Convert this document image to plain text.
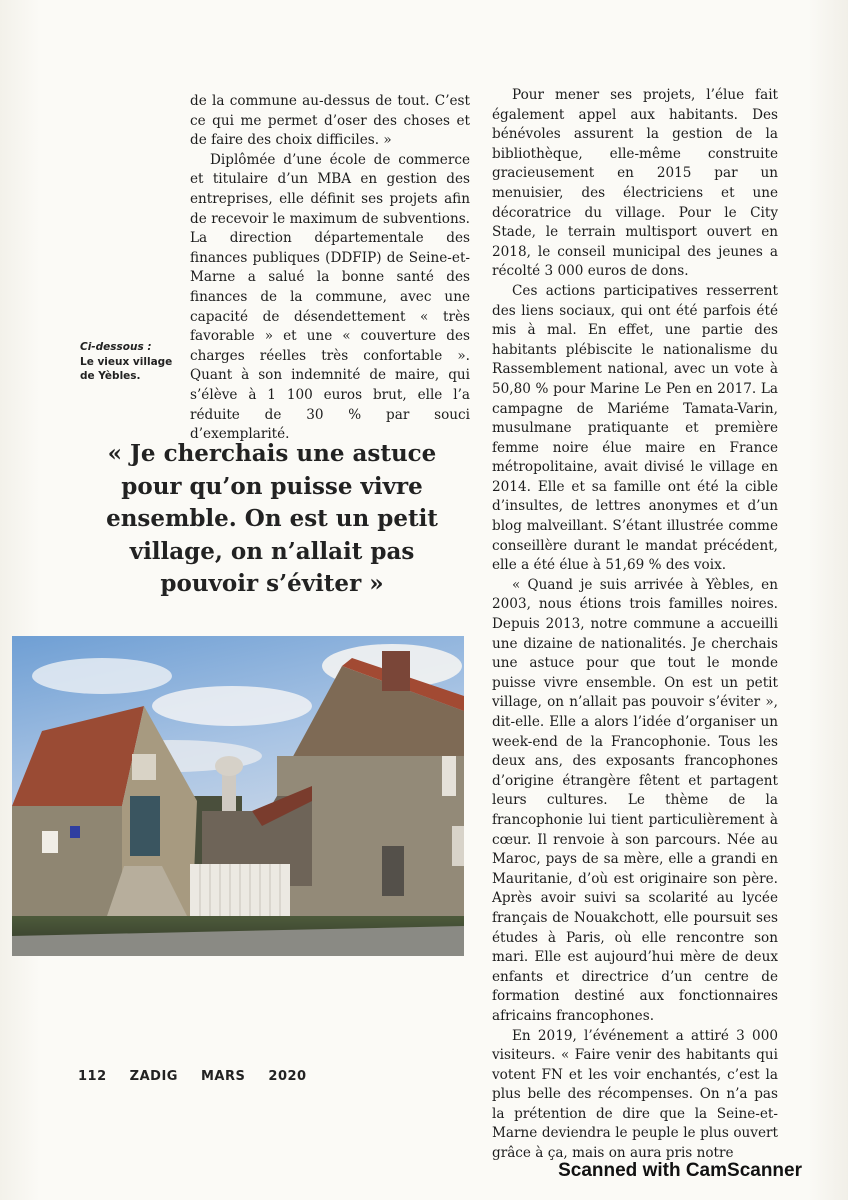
de la commune au-dessus de tout. C’est ce qui me permet d’oser des choses et de faire des choix difficiles. »

Diplômée d’une école de commerce et titulaire d’un MBA en gestion des entreprises, elle définit ses projets afin de recevoir le maximum de subventions. La direction départementale des finances publiques (DDFIP) de Seine-et-Marne a salué la bonne santé des finances de la commune, avec une capacité de désendettement « très favorable » et une « couverture des charges réelles très confortable ». Quant à son indemnité de maire, qui s’élève à 1 100 euros brut, elle l’a réduite de 30 % par souci d’exemplarité.

Ci-dessous :
Le vieux village de Yèbles.
« Je cherchais une astuce pour qu’on puisse vivre ensemble. On est un petit village, on n’allait pas pouvoir s’éviter »

Pour mener ses projets, l’élue fait également appel aux habitants. Des bénévoles assurent la gestion de la bibliothèque, elle-même construite gracieusement en 2015 par un menuisier, des électriciens et une décoratrice du village. Pour le City Stade, le terrain multisport ouvert en 2018, le conseil municipal des jeunes a récolté 3 000 euros de dons.

Ces actions participatives resserrent des liens sociaux, qui ont été parfois été mis à mal. En effet, une partie des habitants plébiscite le nationalisme du Rassemblement national, avec un vote à 50,80 % pour Marine Le Pen en 2017. La campagne de Mariéme Tamata-Varin, musulmane pratiquante et première femme noire élue maire en France métropolitaine, avait divisé le village en 2014. Elle et sa famille ont été la cible d’insultes, de lettres anonymes et d’un blog malveillant. S’étant illustrée comme conseillère durant le mandat précédent, elle a été élue à 51,69 % des voix.

« Quand je suis arrivée à Yèbles, en 2003, nous étions trois familles noires. Depuis 2013, notre commune a accueilli une dizaine de nationalités. Je cherchais une astuce pour que tout le monde puisse vivre ensemble. On est un petit village, on n’allait pas pouvoir s’éviter », dit-elle. Elle a alors l’idée d’organiser un week-end de la Francophonie. Tous les deux ans, des exposants francophones d’origine étrangère fêtent et partagent leurs cultures. Le thème de la francophonie lui tient particulièrement à cœur. Il renvoie à son parcours. Née au Maroc, pays de sa mère, elle a grandi en Mauritanie, d’où est originaire son père. Après avoir suivi sa scolarité au lycée français de Nouakchott, elle poursuit ses études à Paris, où elle rencontre son mari. Elle est aujourd’hui mère de deux enfants et directrice d’un centre de formation destiné aux fonctionnaires africains francophones.

En 2019, l’événement a attiré 3 000 visiteurs. « Faire venir des habitants qui votent FN et les voir enchantés, c’est la plus belle des récompenses. On n’a pas la prétention de dire que la Seine-et-Marne deviendra le peuple le plus ouvert grâce à ça, mais on aura pris notre

112 ZADIG MARS 2020
Scanned with CamScanner
